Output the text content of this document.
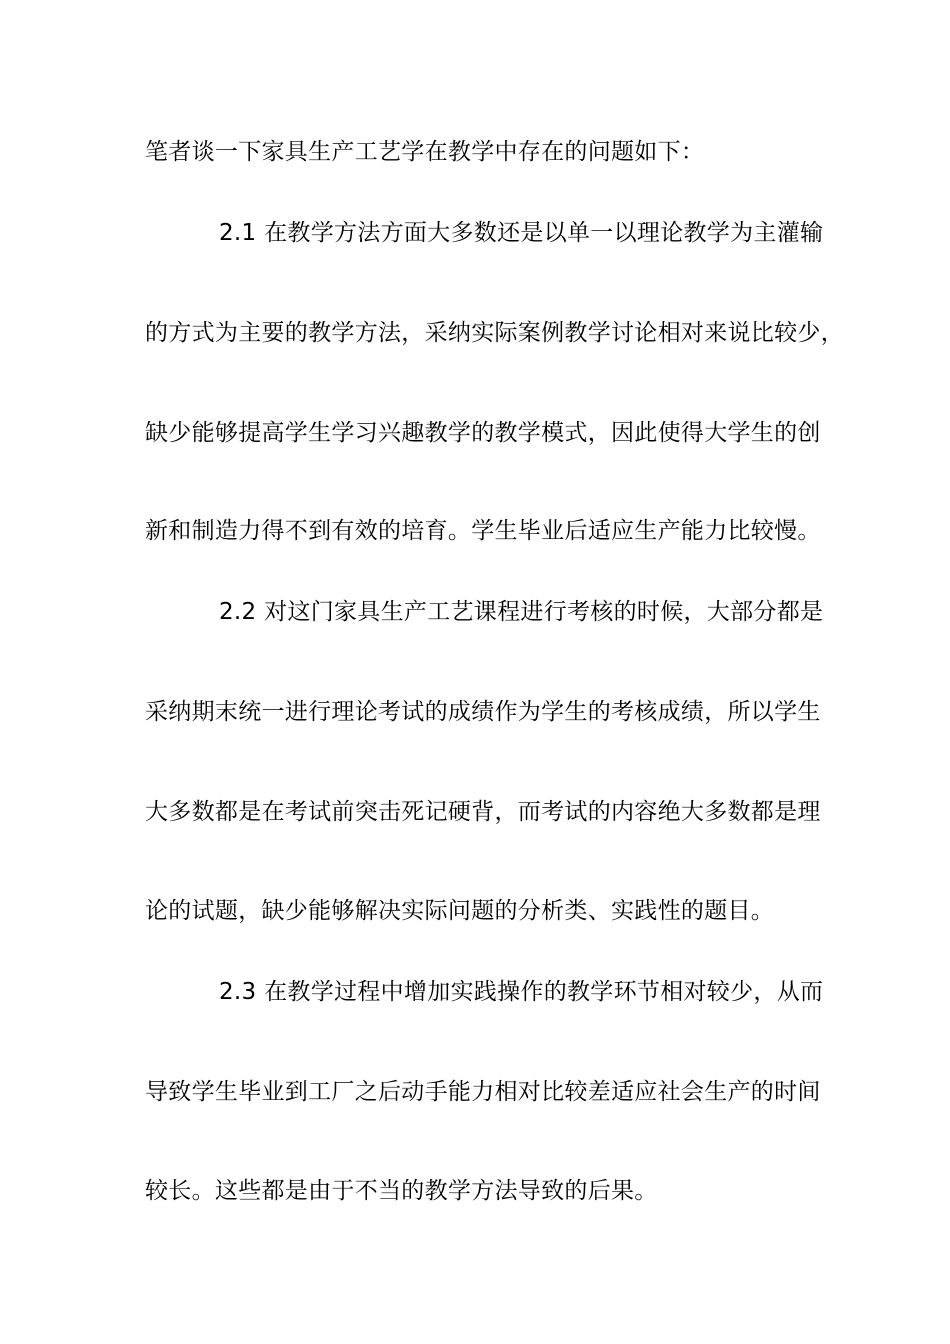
笔者谈一下家具生产工艺学在教学中存在的问题如下：
2.1 在教学方法方面大多数还是以单一以理论教学为主灌输
的方式为主要的教学方法，采纳实际案例教学讨论相对来说比较少，
缺少能够提高学生学习兴趣教学的教学模式，因此使得大学生的创
新和制造力得不到有效的培育。学生毕业后适应生产能力比较慢。
2.2 对这门家具生产工艺课程进行考核的时候，大部分都是
采纳期末统一进行理论考试的成绩作为学生的考核成绩，所以学生
大多数都是在考试前突击死记硬背，而考试的内容绝大多数都是理
论的试题，缺少能够解决实际问题的分析类、实践性的题目。
2.3 在教学过程中增加实践操作的教学环节相对较少，从而
导致学生毕业到工厂之后动手能力相对比较差适应社会生产的时间
较长。这些都是由于不当的教学方法导致的后果。
